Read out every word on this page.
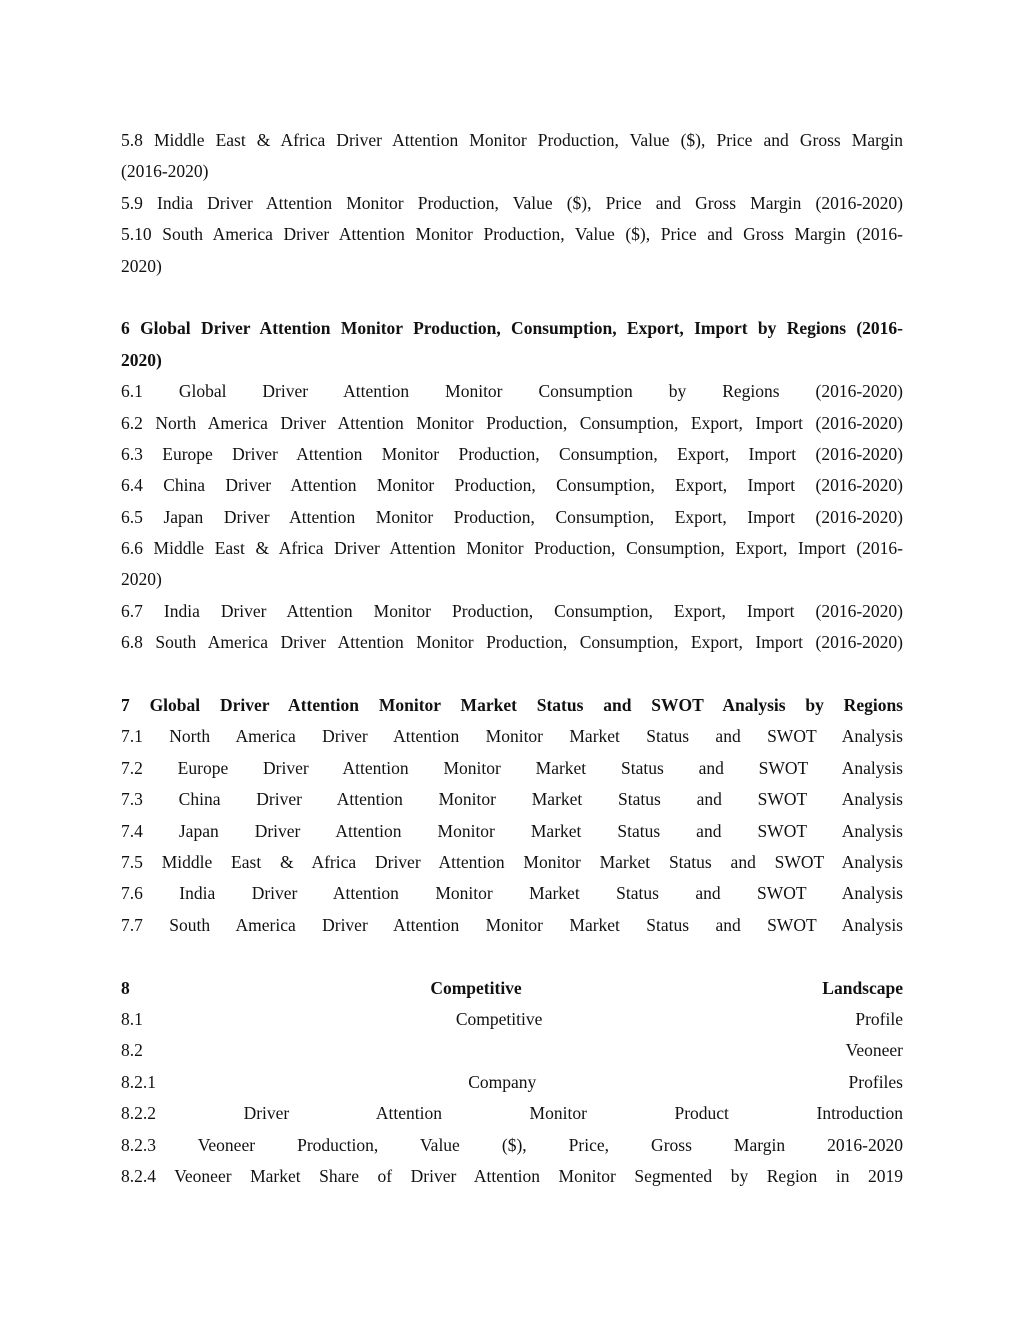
5.8 Middle East & Africa Driver Attention Monitor Production, Value ($), Price and Gross Margin
(2016-2020)
5.9 India Driver Attention Monitor Production, Value ($), Price and Gross Margin (2016-2020)
5.10 South America Driver Attention Monitor Production, Value ($), Price and Gross Margin (2016-
2020)
6 Global Driver Attention Monitor Production, Consumption, Export, Import by Regions (2016-
2020)
6.1 Global Driver Attention Monitor Consumption by Regions (2016-2020)
6.2 North America Driver Attention Monitor Production, Consumption, Export, Import (2016-2020)
6.3 Europe Driver Attention Monitor Production, Consumption, Export, Import (2016-2020)
6.4 China Driver Attention Monitor Production, Consumption, Export, Import (2016-2020)
6.5 Japan Driver Attention Monitor Production, Consumption, Export, Import (2016-2020)
6.6 Middle East & Africa Driver Attention Monitor Production, Consumption, Export, Import (2016-
2020)
6.7 India Driver Attention Monitor Production, Consumption, Export, Import (2016-2020)
6.8 South America Driver Attention Monitor Production, Consumption, Export, Import (2016-2020)
7 Global Driver Attention Monitor Market Status and SWOT Analysis by Regions
7.1 North America Driver Attention Monitor Market Status and SWOT Analysis
7.2 Europe Driver Attention Monitor Market Status and SWOT Analysis
7.3 China Driver Attention Monitor Market Status and SWOT Analysis
7.4 Japan Driver Attention Monitor Market Status and SWOT Analysis
7.5 Middle East & Africa Driver Attention Monitor Market Status and SWOT Analysis
7.6 India Driver Attention Monitor Market Status and SWOT Analysis
7.7 South America Driver Attention Monitor Market Status and SWOT Analysis
8 Competitive Landscape
8.1 Competitive Profile
8.2 Veoneer
8.2.1 Company Profiles
8.2.2 Driver Attention Monitor Product Introduction
8.2.3 Veoneer Production, Value ($), Price, Gross Margin 2016-2020
8.2.4 Veoneer Market Share of Driver Attention Monitor Segmented by Region in 2019
